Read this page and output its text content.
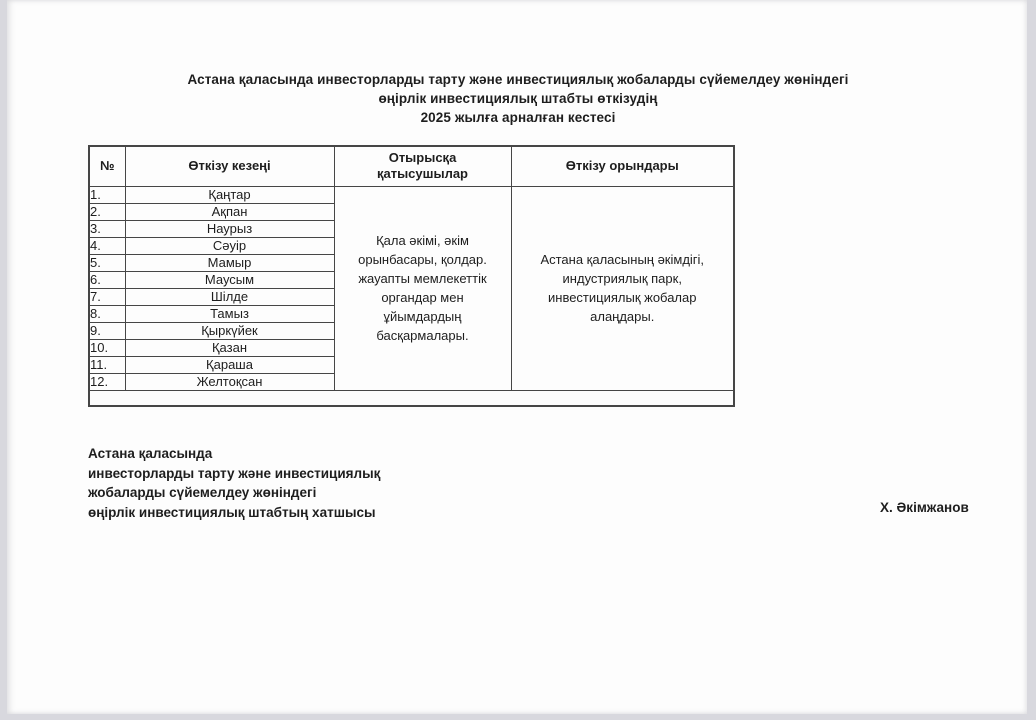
Астана қаласында инвесторларды тарту және инвестициялық жобаларды сүйемелдеу жөніндегі
өңірлік инвестициялық штабты өткізудің
2025 жылға арналған кестесі
№	Өткізу кезеңі	Отырысқа қатысушылар	Өткізу орындары
1.	Қаңтар	Қала әкімі, әкім орынбасары, қолдар. жауапты мемлекеттік органдар мен ұйымдардың басқармалары.	Астана қаласының әкімдігі, индустриялық парк, инвестициялық жобалар алаңдары.

2.	Ақпан		
3.	Наурыз		
4.	Сәуір		
5.	Мамыр		
6.	Маусым		
7.	Шілде		
8.	Тамыз		
9.	Қыркүйек		
10.	Қазан		
11.	Қараша		
12.	Желтоқсан		

Астана қаласында
инвесторларды тарту және инвестициялық
жобаларды сүйемелдеу жөніндегі
өңірлік инвестициялық штабтың хатшысы	Х. Әкімжанов
